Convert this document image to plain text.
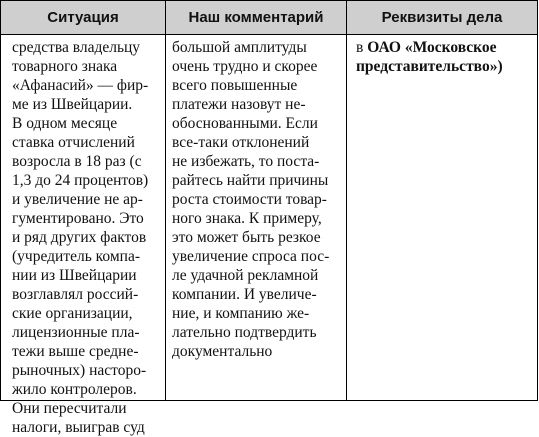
Ситуация	Наш комментарий	Реквизиты дела
средства владельцу
товарного знака
«Афанасий» — фир-
ме из Швейцарии.
В одном месяце
ставка отчислений
возросла в 18 раз (с
1,3 до 24 процентов)
и увеличение не ар-
гументировано. Это
и ряд других фактов
(учредитель компа-
нии из Швейцарии
возглавлял россий-
ские организации,
лицензионные пла-
тежи выше средне-
рыночных) насторо-
жило контролеров.
Они пересчитали
налоги, выиграв суд
большой амплитуды
очень трудно и скорее
всего повышенные
платежи назовут не-
обоснованными. Если
все-таки отклонений
не избежать, то поста-
райтесь найти причины
роста стоимости товар-
ного знака. К примеру,
это может быть резкое
увеличение спроса пос-
ле удачной рекламной
компании. И увеличе-
ние, и компанию же-
лательно подтвердить
документально
в ОАО «Московское
представительство»)
